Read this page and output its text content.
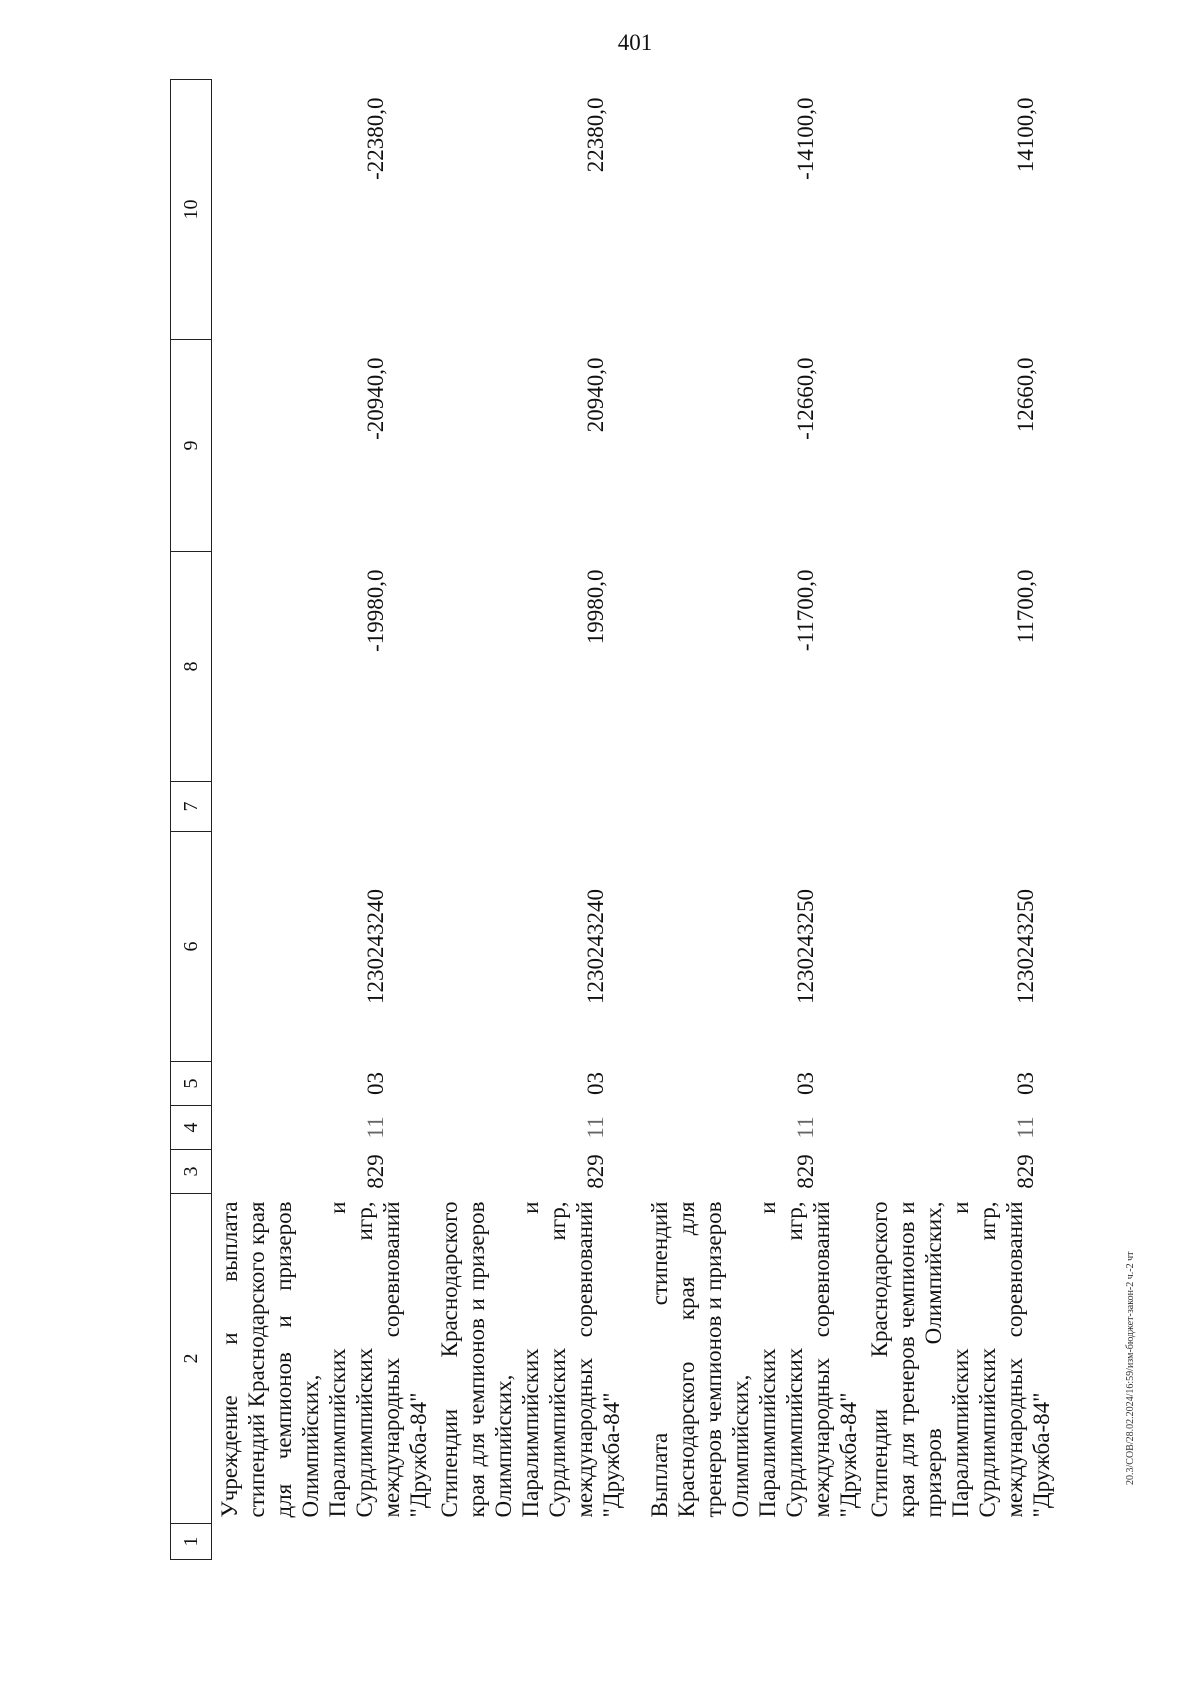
401
20.3/СОВ/28.02.2024/16:59/изм-бюджет-закон-2 ч.-2 чт
1	2	3	4	5	6	7	8	9	10
	Учреждение и выплата стипендий Краснодарского края для чемпионов и призеров Олимпийских, Паралимпийских и Сурдлимпийских игр, международных соревнований "Дружба-84"	829	11	03	1230243240		-19980,0	-20940,0	-22380,0
	Стипендии Краснодарского края для чемпионов и призеров Олимпийских, Паралимпийских и Сурдлимпийских игр, международных соревнований "Дружба-84"	829	11	03	1230243240		19980,0	20940,0	22380,0
	Выплата стипендий Краснодарского края для тренеров чемпионов и призеров Олимпийских, Паралимпийских и Сурдлимпийских игр, международных соревнований "Дружба-84"	829	11	03	1230243250		-11700,0	-12660,0	-14100,0
	Стипендии Краснодарского края для тренеров чемпионов и призеров Олимпийских, Паралимпийских и Сурдлимпийских игр, международных соревнований "Дружба-84"	829	11	03	1230243250		11700,0	12660,0	14100,0
